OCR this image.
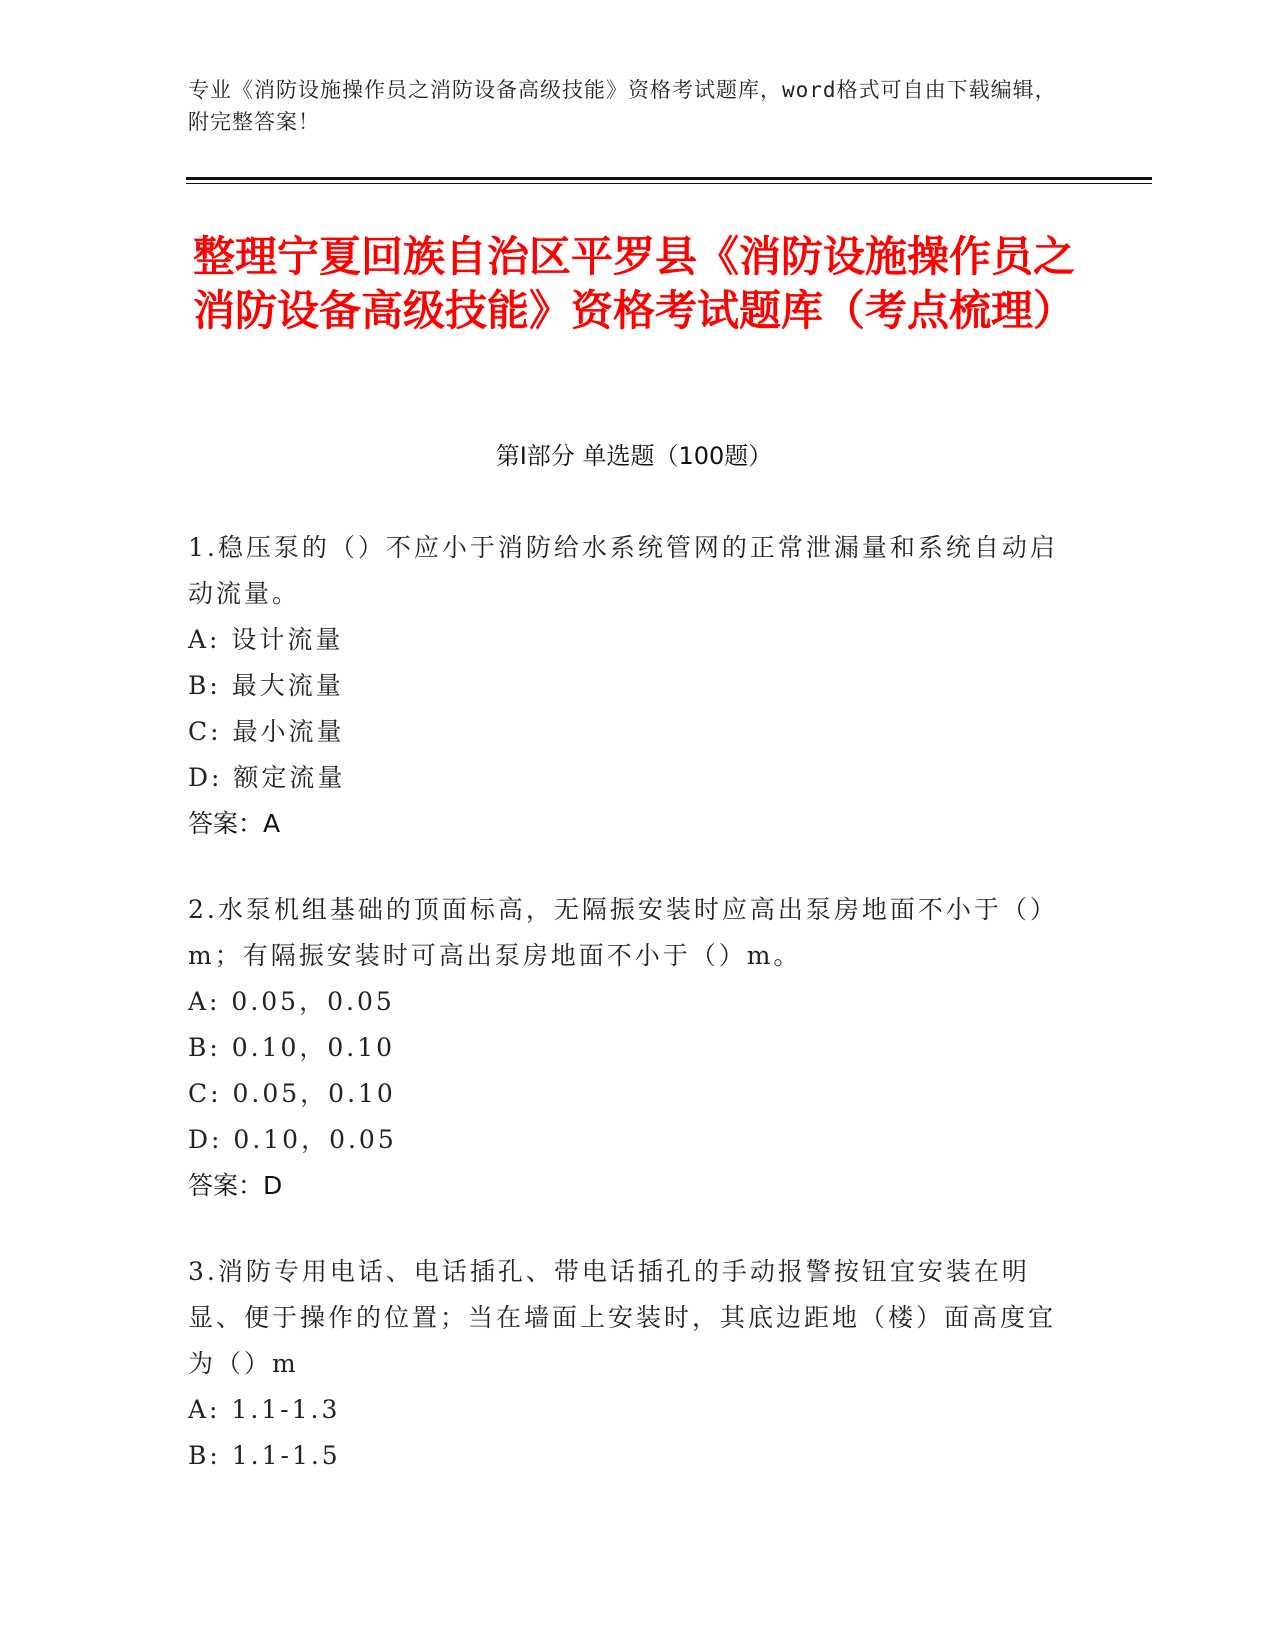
专业《消防设施操作员之消防设备高级技能》资格考试题库，word格式可自由下载编辑，附完整答案！
整理宁夏回族自治区平罗县《消防设施操作员之消防设备高级技能》资格考试题库（考点梳理）
第I部分 单选题（100题）

1.稳压泵的（）不应小于消防给水系统管网的正常泄漏量和系统自动启动流量。

A: 设计流量

B: 最大流量

C: 最小流量

D: 额定流量

答案：A

2.水泵机组基础的顶面标高，无隔振安装时应高出泵房地面不小于（）m；有隔振安装时可高出泵房地面不小于（）m。

A: 0.05，0.05

B: 0.10，0.10

C: 0.05，0.10

D: 0.10，0.05

答案：D

3.消防专用电话、电话插孔、带电话插孔的手动报警按钮宜安装在明显、便于操作的位置；当在墙面上安装时，其底边距地（楼）面高度宜为（）m

A: 1.1-1.3

B: 1.1-1.5
